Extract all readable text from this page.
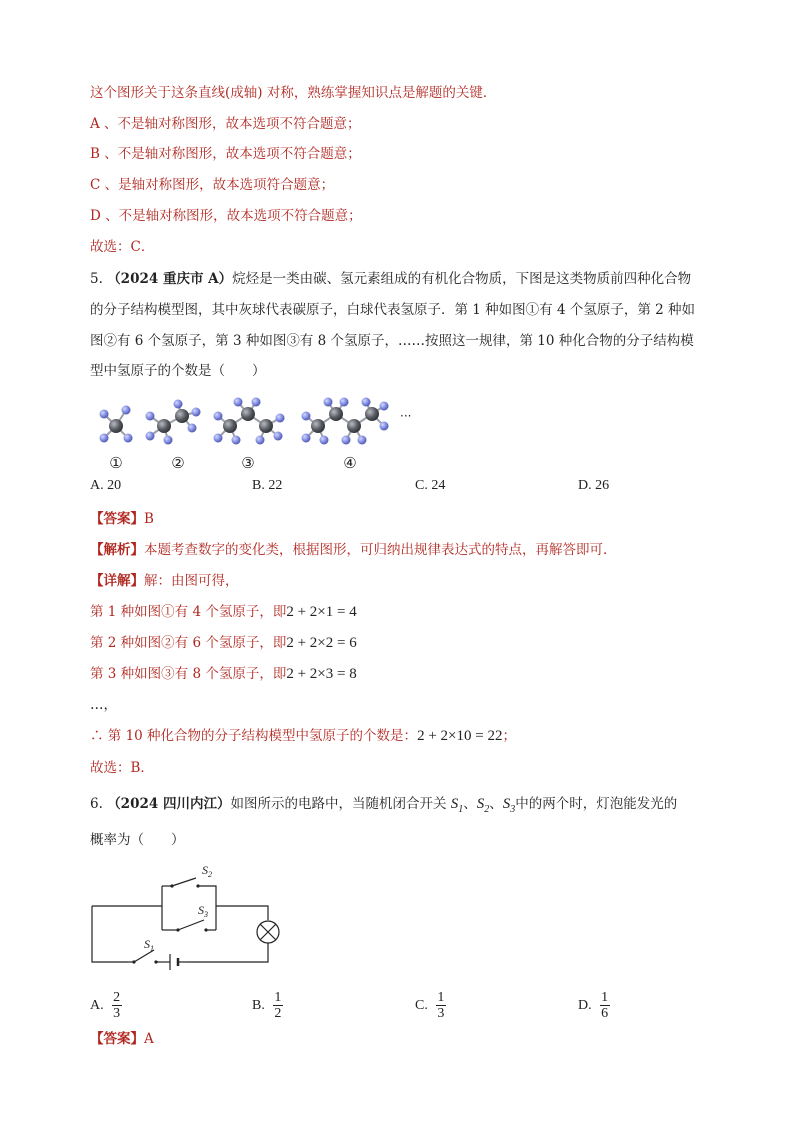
这个图形关于这条直线(成轴) 对称，熟练掌握知识点是解题的关键．
A 、不是轴对称图形，故本选项不符合题意；
B 、不是轴对称图形，故本选项不符合题意；
C 、是轴对称图形，故本选项符合题意；
D 、不是轴对称图形，故本选项不符合题意；
故选：C．
5. （2024 重庆市 A）烷烃是一类由碳、氢元素组成的有机化合物质，下图是这类物质前四种化合物
的分子结构模型图，其中灰球代表碳原子，白球代表氢原子．第 1 种如图①有 4 个氢原子，第 2 种如
图②有 6 个氢原子，第 3 种如图③有 8 个氢原子，……按照这一规律，第 10 种化合物的分子结构模
型中氢原子的个数是（　　）
···
①	②	③	④
A. 20	B. 22	C. 24	D. 26
【答案】B
【解析】本题考查数字的变化类，根据图形，可归纳出规律表达式的特点，再解答即可．
【详解】解：由图可得，
第 1 种如图①有 4 个氢原子，即2 + 2×1 = 4
第 2 种如图②有 6 个氢原子，即2 + 2×2 = 6
第 3 种如图③有 8 个氢原子，即2 + 2×3 = 8
…，
∴ 第 10 种化合物的分子结构模型中氢原子的个数是：2 + 2×10 = 22；
故选：B．
6. （2024 四川内江）如图所示的电路中，当随机闭合开关 $S_1$、$S_2$、$S_3$中的两个时，灯泡能发光的
概率为（　　）
$S_2$
$S_3$
$S_1$
A. $\frac{2}{3}$	B. $\frac{1}{2}$	C. $\frac{1}{3}$	D. $\frac{1}{6}$
【答案】A
